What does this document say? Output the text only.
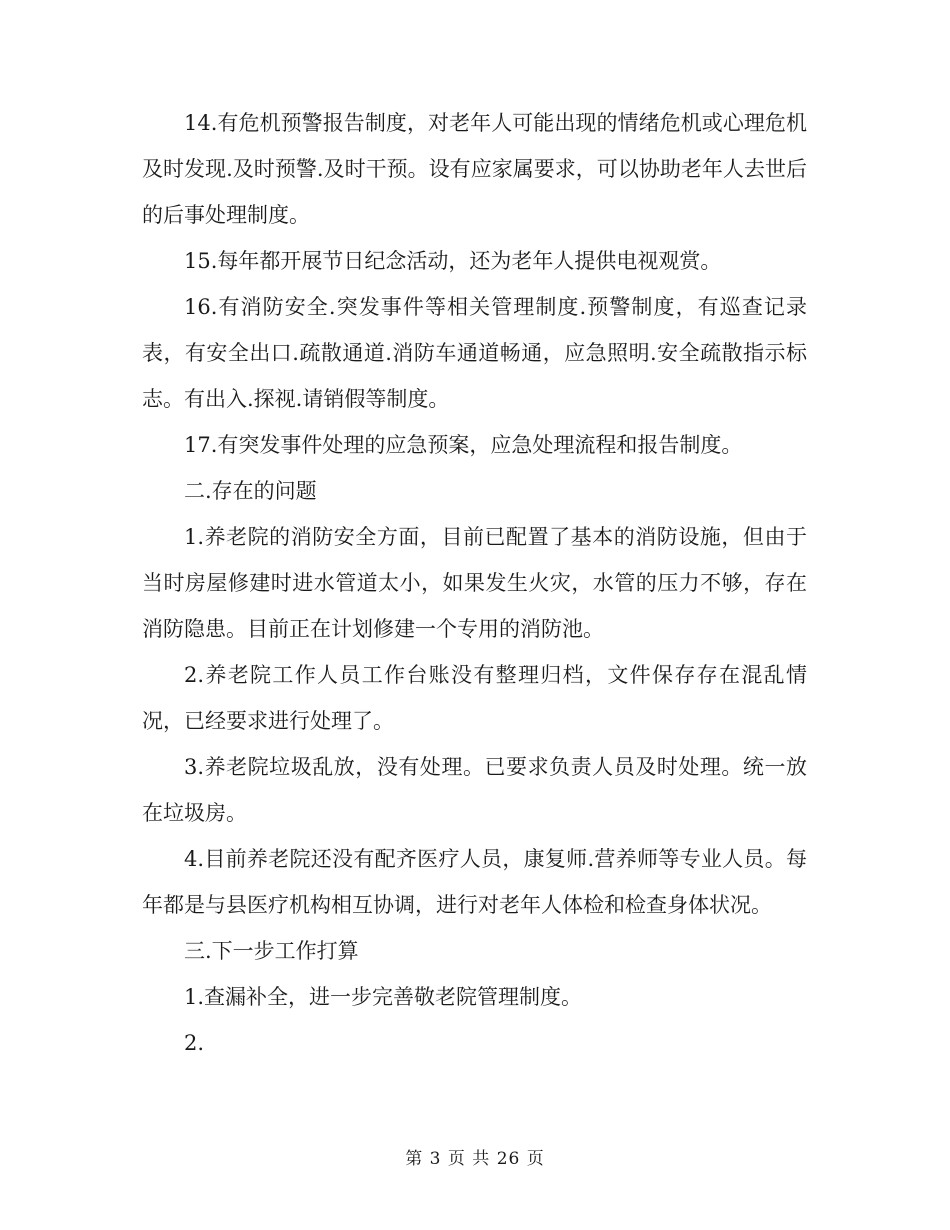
14.有危机预警报告制度，对老年人可能出现的情绪危机或心理危机及时发现.及时预警.及时干预。设有应家属要求，可以协助老年人去世后的后事处理制度。

15.每年都开展节日纪念活动，还为老年人提供电视观赏。

16.有消防安全.突发事件等相关管理制度.预警制度，有巡查记录表，有安全出口.疏散通道.消防车通道畅通，应急照明.安全疏散指示标志。有出入.探视.请销假等制度。

17.有突发事件处理的应急预案，应急处理流程和报告制度。

二.存在的问题

1.养老院的消防安全方面，目前已配置了基本的消防设施，但由于当时房屋修建时进水管道太小，如果发生火灾，水管的压力不够，存在消防隐患。目前正在计划修建一个专用的消防池。

2.养老院工作人员工作台账没有整理归档，文件保存存在混乱情况，已经要求进行处理了。

3.养老院垃圾乱放，没有处理。已要求负责人员及时处理。统一放在垃圾房。

4.目前养老院还没有配齐医疗人员，康复师.营养师等专业人员。每年都是与县医疗机构相互协调，进行对老年人体检和检查身体状况。

三.下一步工作打算

1.查漏补全，进一步完善敬老院管理制度。

2.

第 3 页 共 26 页
